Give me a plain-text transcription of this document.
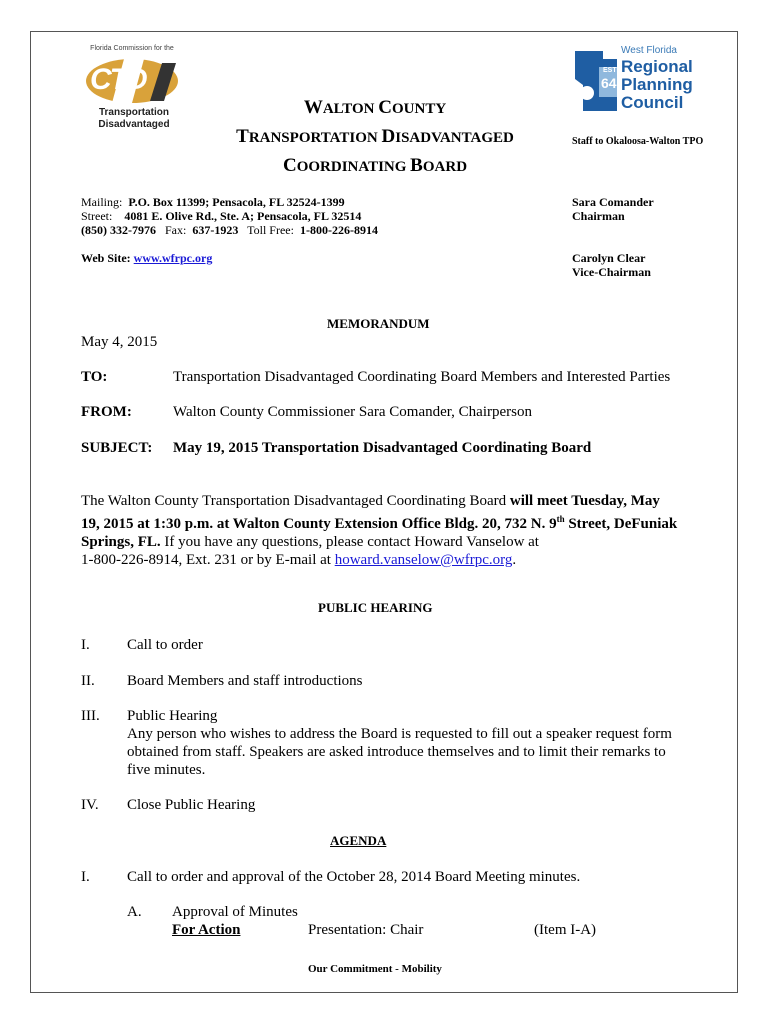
Florida Commission for the
CTD
Transportation
Disadvantaged
WALTON COUNTY
TRANSPORTATION DISADVANTAGED
COORDINATING BOARD
EST
64
West Florida
Regional
Planning
Council
Staff to Okaloosa-Walton TPO
Mailing: P.O. Box 11399; Pensacola, FL 32524-1399
Street: 4081 E. Olive Rd., Ste. A; Pensacola, FL 32514
(850) 332-7976 Fax: 637-1923 Toll Free: 1-800-226-8914
Web Site: www.wfrpc.org
Sara Comander
Chairman
Carolyn Clear
Vice-Chairman
MEMORANDUM
May 4, 2015
TO:	Transportation Disadvantaged Coordinating Board Members and Interested Parties
FROM:	Walton County Commissioner Sara Comander, Chairperson
SUBJECT:	May 19, 2015 Transportation Disadvantaged Coordinating Board
The Walton County Transportation Disadvantaged Coordinating Board will meet Tuesday, May
19, 2015 at 1:30 p.m. at Walton County Extension Office Bldg. 20, 732 N. 9th Street, DeFuniak
Springs, FL. If you have any questions, please contact Howard Vanselow at
1-800-226-8914, Ext. 231 or by E-mail at howard.vanselow@wfrpc.org.
PUBLIC HEARING
I.	Call to order
II.	Board Members and staff introductions
III.	Public Hearing
Any person who wishes to address the Board is requested to fill out a speaker request form
obtained from staff. Speakers are asked introduce themselves and to limit their remarks to
five minutes.
IV.	Close Public Hearing
AGENDA
I.	Call to order and approval of the October 28, 2014 Board Meeting minutes.
A.	Approval of Minutes
For Action	Presentation: Chair	(Item I-A)
Our Commitment - Mobility
